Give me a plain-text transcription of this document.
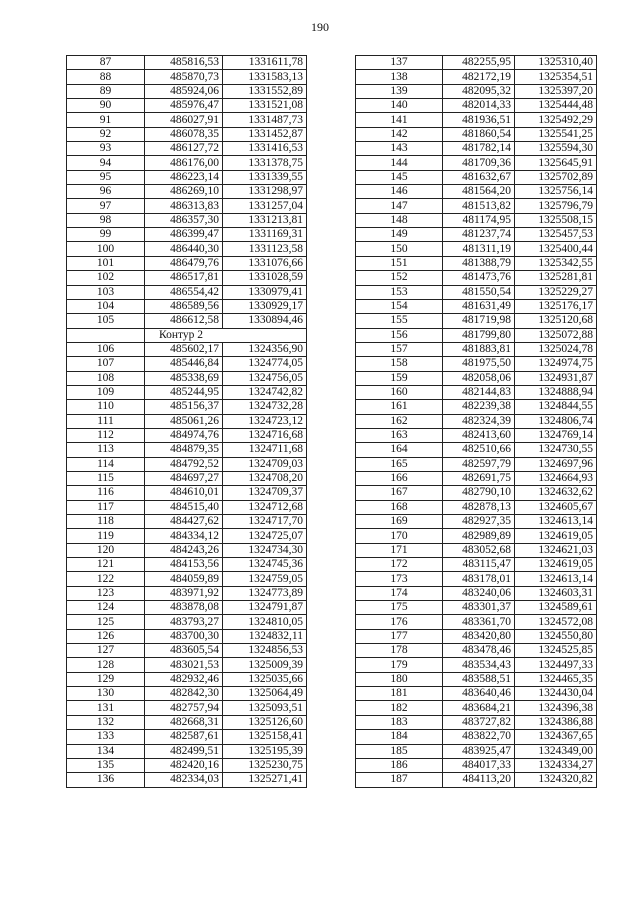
190
87	485816,53	1331611,78
88	485870,73	1331583,13
89	485924,06	1331552,89
90	485976,47	1331521,08
91	486027,91	1331487,73
92	486078,35	1331452,87
93	486127,72	1331416,53
94	486176,00	1331378,75
95	486223,14	1331339,55
96	486269,10	1331298,97
97	486313,83	1331257,04
98	486357,30	1331213,81
99	486399,47	1331169,31
100	486440,30	1331123,58
101	486479,76	1331076,66
102	486517,81	1331028,59
103	486554,42	1330979,41
104	486589,56	1330929,17
105	486612,58	1330894,46
	Контур 2	
106	485602,17	1324356,90
107	485446,84	1324774,05
108	485338,69	1324756,05
109	485244,95	1324742,82
110	485156,37	1324732,28
111	485061,26	1324723,12
112	484974,76	1324716,68
113	484879,35	1324711,68
114	484792,52	1324709,03
115	484697,27	1324708,20
116	484610,01	1324709,37
117	484515,40	1324712,68
118	484427,62	1324717,70
119	484334,12	1324725,07
120	484243,26	1324734,30
121	484153,56	1324745,36
122	484059,89	1324759,05
123	483971,92	1324773,89
124	483878,08	1324791,87
125	483793,27	1324810,05
126	483700,30	1324832,11
127	483605,54	1324856,53
128	483021,53	1325009,39
129	482932,46	1325035,66
130	482842,30	1325064,49
131	482757,94	1325093,51
132	482668,31	1325126,60
133	482587,61	1325158,41
134	482499,51	1325195,39
135	482420,16	1325230,75
136	482334,03	1325271,41
137	482255,95	1325310,40
138	482172,19	1325354,51
139	482095,32	1325397,20
140	482014,33	1325444,48
141	481936,51	1325492,29
142	481860,54	1325541,25
143	481782,14	1325594,30
144	481709,36	1325645,91
145	481632,67	1325702,89
146	481564,20	1325756,14
147	481513,82	1325796,79
148	481174,95	1325508,15
149	481237,74	1325457,53
150	481311,19	1325400,44
151	481388,79	1325342,55
152	481473,76	1325281,81
153	481550,54	1325229,27
154	481631,49	1325176,17
155	481719,98	1325120,68
156	481799,80	1325072,88
157	481883,81	1325024,78
158	481975,50	1324974,75
159	482058,06	1324931,87
160	482144,83	1324888,94
161	482239,38	1324844,55
162	482324,39	1324806,74
163	482413,60	1324769,14
164	482510,66	1324730,55
165	482597,79	1324697,96
166	482691,75	1324664,93
167	482790,10	1324632,62
168	482878,13	1324605,67
169	482927,35	1324613,14
170	482989,89	1324619,05
171	483052,68	1324621,03
172	483115,47	1324619,05
173	483178,01	1324613,14
174	483240,06	1324603,31
175	483301,37	1324589,61
176	483361,70	1324572,08
177	483420,80	1324550,80
178	483478,46	1324525,85
179	483534,43	1324497,33
180	483588,51	1324465,35
181	483640,46	1324430,04
182	483684,21	1324396,38
183	483727,82	1324386,88
184	483822,70	1324367,65
185	483925,47	1324349,00
186	484017,33	1324334,27
187	484113,20	1324320,82
